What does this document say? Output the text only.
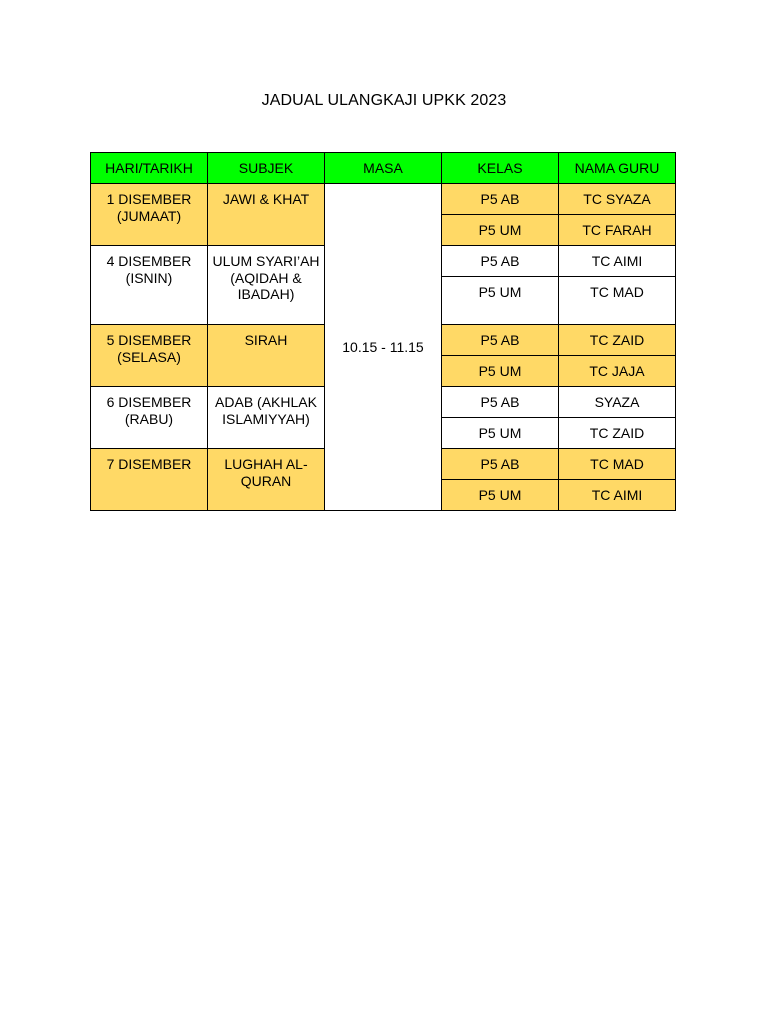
JADUAL ULANGKAJI UPKK 2023
HARI/TARIKH	SUBJEK	MASA	KELAS	NAMA GURU
1 DISEMBER (JUMAAT)	JAWI & KHAT	10.15 - 11.15	P5 AB	TC SYAZA
			P5 UM	TC FARAH
4 DISEMBER (ISNIN)	ULUM SYARI’AH (AQIDAH & IBADAH)		P5 AB	TC AIMI
			P5 UM	TC MAD
5 DISEMBER (SELASA)	SIRAH		P5 AB	TC ZAID
			P5 UM	TC JAJA
6 DISEMBER (RABU)	ADAB (AKHLAK ISLAMIYYAH)		P5 AB	SYAZA
			P5 UM	TC ZAID
7 DISEMBER	LUGHAH AL-QURAN		P5 AB	TC MAD
			P5 UM	TC AIMI
